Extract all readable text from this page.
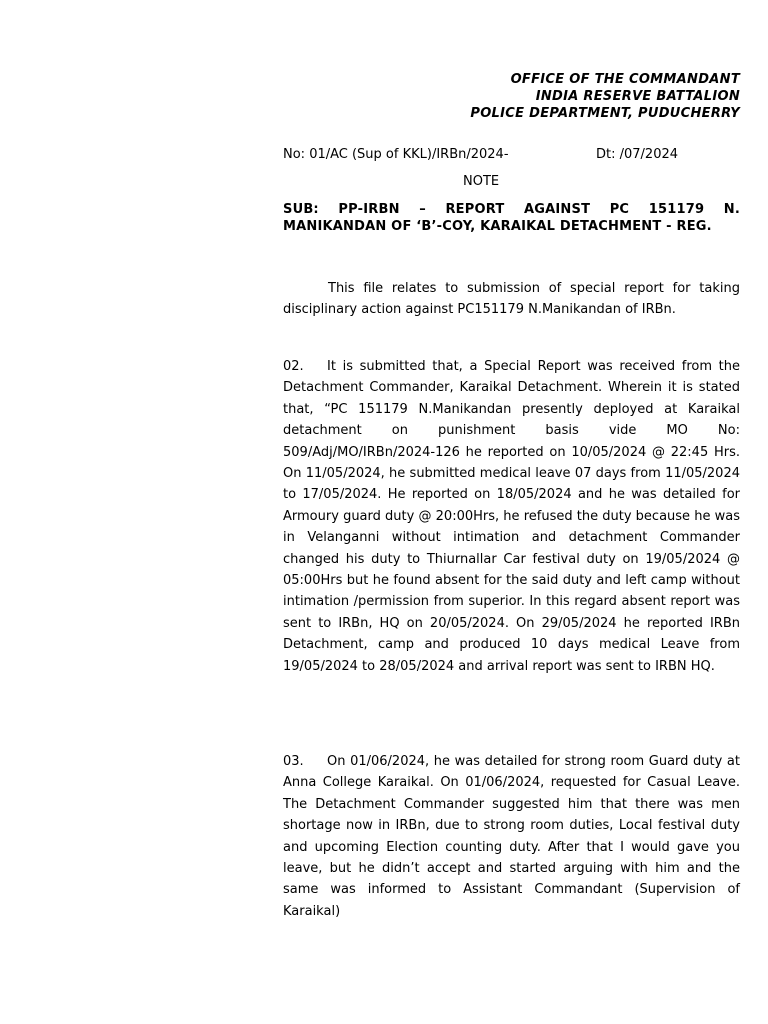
OFFICE OF THE COMMANDANT
INDIA RESERVE BATTALION
POLICE DEPARTMENT, PUDUCHERRY
No: 01/AC (Sup of KKL)/IRBn/2024-	Dt: /07/2024
NOTE
SUB: PP-IRBN – REPORT AGAINST PC 151179 N. MANIKANDAN OF ‘B’-COY, KARAIKAL DETACHMENT - REG.

This file relates to submission of special report for taking disciplinary action against PC151179 N.Manikandan of IRBn.

02. It is submitted that, a Special Report was received from the Detachment Commander, Karaikal Detachment. Wherein it is stated that, “PC 151179 N.Manikandan presently deployed at Karaikal detachment on punishment basis vide MO No: 509/Adj/MO/IRBn/2024-126 he reported on 10/05/2024 @ 22:45 Hrs. On 11/05/2024, he submitted medical leave 07 days from 11/05/2024 to 17/05/2024. He reported on 18/05/2024 and he was detailed for Armoury guard duty @ 20:00Hrs, he refused the duty because he was in Velanganni without intimation and detachment Commander changed his duty to Thiurnallar Car festival duty on 19/05/2024 @ 05:00Hrs but he found absent for the said duty and left camp without intimation /permission from superior. In this regard absent report was sent to IRBn, HQ on 20/05/2024. On 29/05/2024 he reported IRBn Detachment, camp and produced 10 days medical Leave from 19/05/2024 to 28/05/2024 and arrival report was sent to IRBN HQ.

03. On 01/06/2024, he was detailed for strong room Guard duty at Anna College Karaikal. On 01/06/2024, requested for Casual Leave. The Detachment Commander suggested him that there was men shortage now in IRBn, due to strong room duties, Local festival duty and upcoming Election counting duty. After that I would gave you leave, but he didn’t accept and started arguing with him and the same was informed to Assistant Commandant (Supervision of Karaikal)
